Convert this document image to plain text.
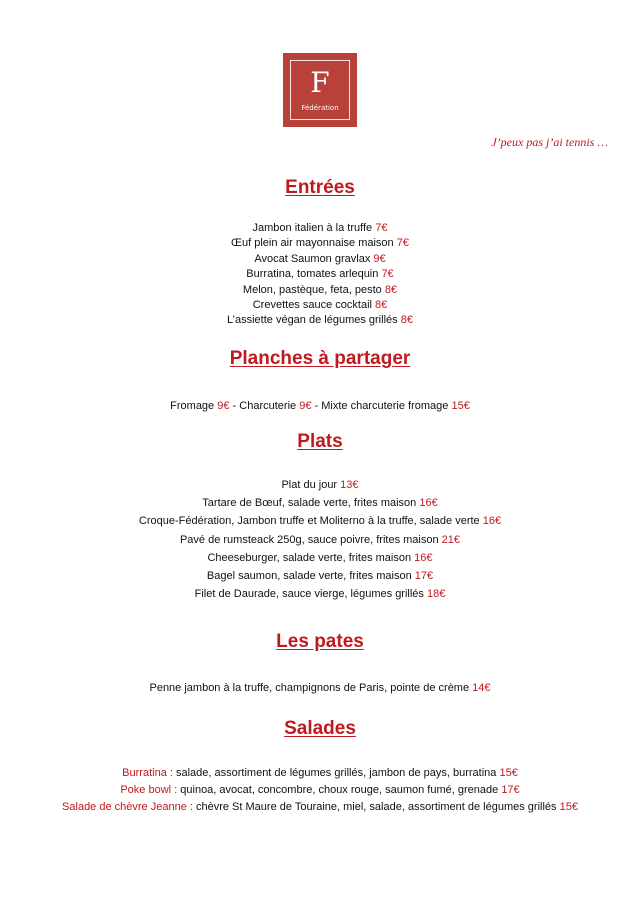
F
Fédération
J’peux pas j’ai tennis …
Entrées
Jambon italien à la truffe 7€
Œuf plein air mayonnaise maison 7€
Avocat Saumon gravlax 9€
Burratina, tomates arlequin 7€
Melon, pastèque, feta, pesto 8€
Crevettes sauce cocktail 8€
L’assiette végan de légumes grillés 8€
Planches à partager
Fromage 9€ - Charcuterie 9€ - Mixte charcuterie fromage 15€
Plats
Plat du jour 13€
Tartare de Bœuf, salade verte, frites maison 16€
Croque-Fédération, Jambon truffe et Moliterno à la truffe, salade verte 16€
Pavé de rumsteack 250g, sauce poivre, frites maison 21€
Cheeseburger, salade verte, frites maison 16€
Bagel saumon, salade verte, frites maison 17€
Filet de Daurade, sauce vierge, légumes grillés 18€
Les pates
Penne jambon à la truffe, champignons de Paris, pointe de crème 14€
Salades
Burratina : salade, assortiment de légumes grillés, jambon de pays, burratina 15€
Poke bowl : quinoa, avocat, concombre, choux rouge, saumon fumé, grenade 17€
Salade de chèvre Jeanne : chèvre St Maure de Touraine, miel, salade, assortiment de légumes grillés 15€
